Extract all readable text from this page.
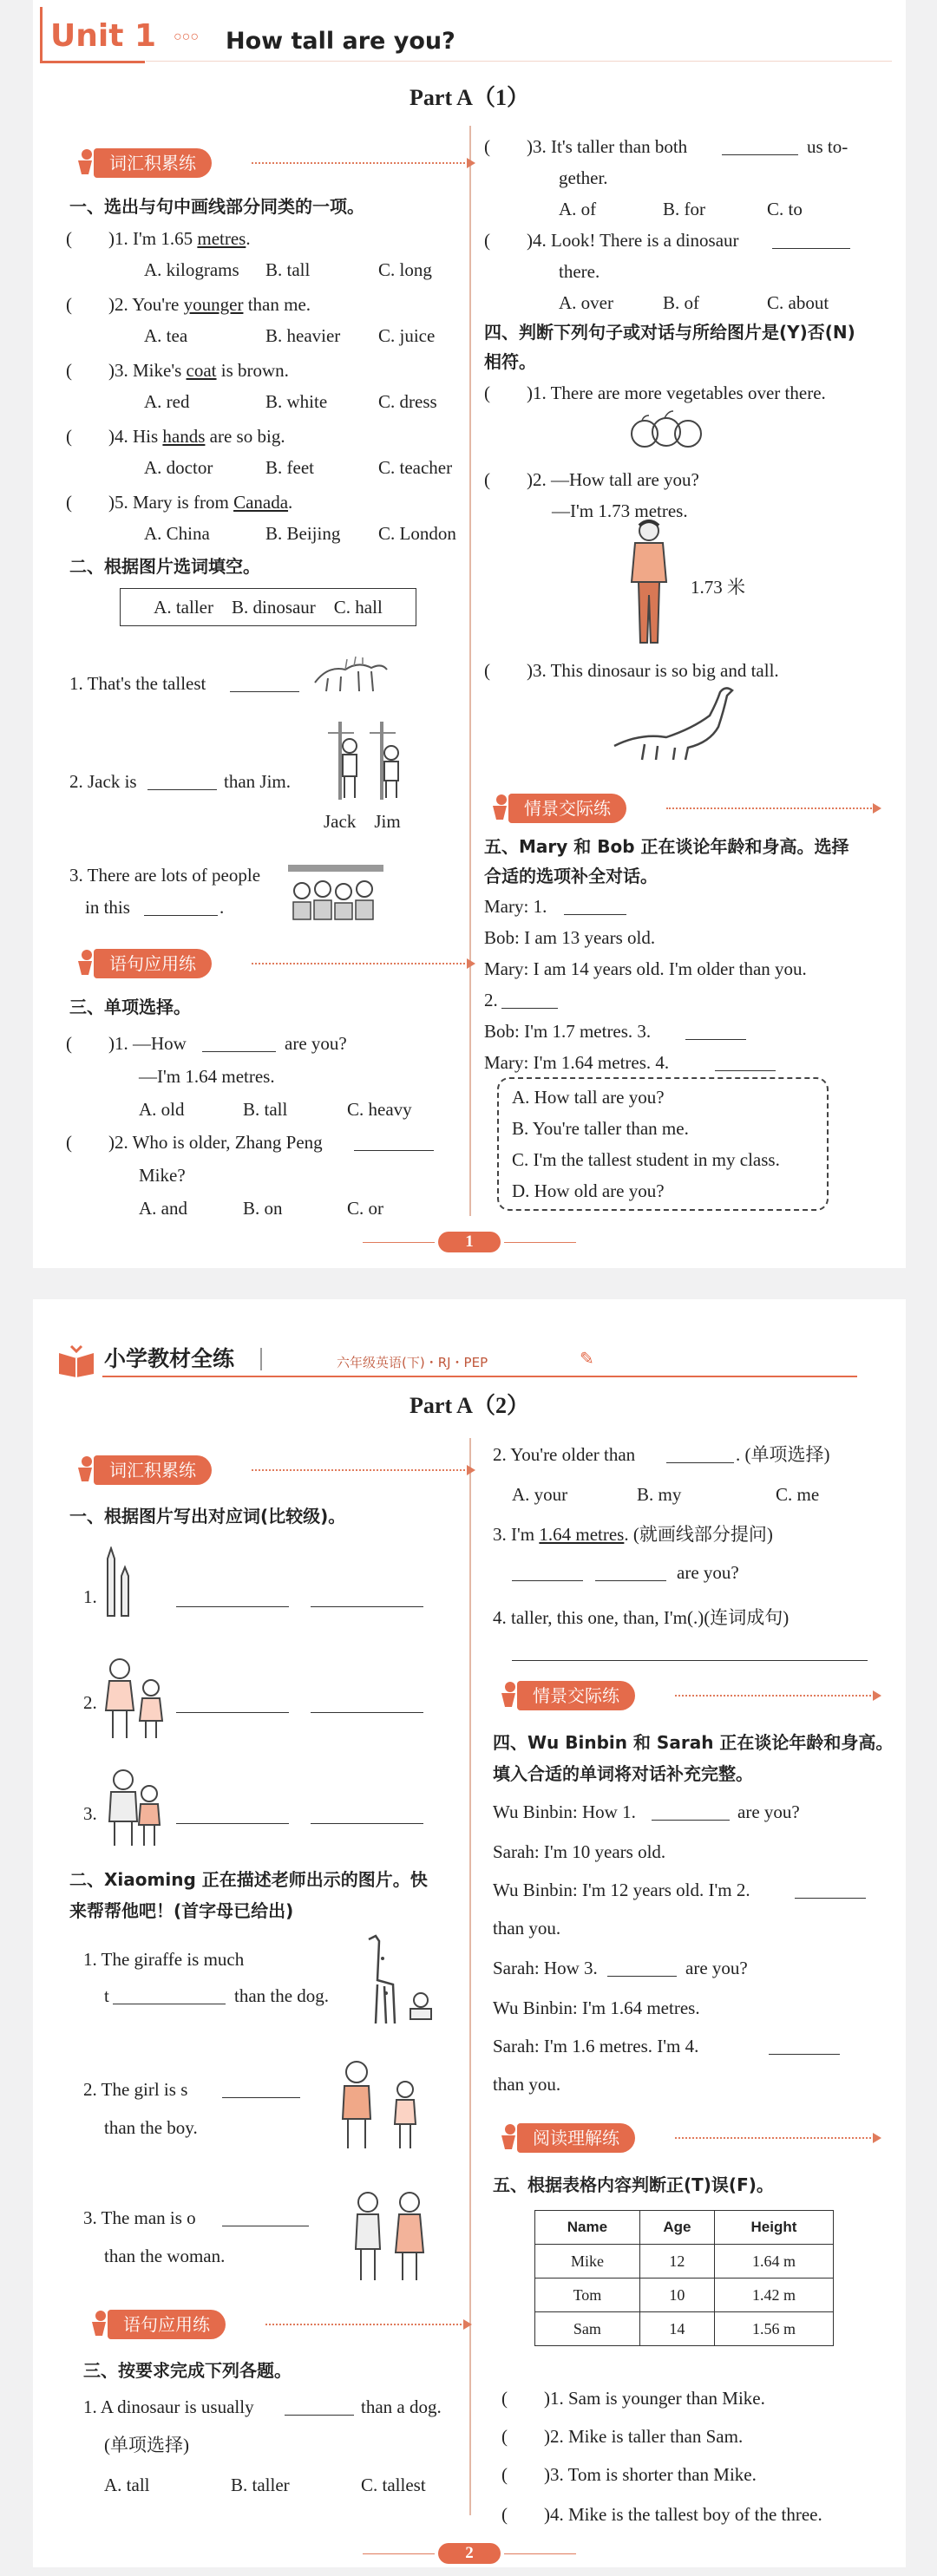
Unit 1 ○○○ How tall are you?
Part A（1）
词汇积累练
一、选出与句中画线部分同类的一项。
二、根据图片选词填空。
A. taller　B. dinosaur　C. hall
1. That's the tallest
2. Jack is	than Jim.
Jack　Jim
3. There are lots of people
in this	.
语句应用练
三、单项选择。
(　　)1. —How	are you?
—I'm 1.64 metres.
A. old	B. tall	C. heavy
(　　)2. Who is older, Zhang Peng
Mike?
A. and	B. on	C. or
(　　)3. It's taller than both	us to-
gether.
A. of	B. for	C. to
(　　)4. Look! There is a dinosaur
there.
A. over	B. of	C. about
四、判断下列句子或对话与所给图片是(Y)否(N)
相符。
(　　)1. There are more vegetables over there.
(　　)2. —How tall are you?
—I'm 1.73 metres.
1.73 米
(　　)3. This dinosaur is so big and tall.
情景交际练
五、Mary 和 Bob 正在谈论年龄和身高。选择
合适的选项补全对话。
Mary: 1.
Bob: I am 13 years old.
Mary: I am 14 years old. I'm older than you.
2.
Bob: I'm 1.7 metres. 3.
Mary: I'm 1.64 metres. 4.
A. How tall are you?
B. You're taller than me.
C. I'm the tallest student in my class.
D. How old are you?
1
(　　)1. I'm 1.65 metres.
A. kilograms B. tall	C. long
(　　)2. You're younger than me.
A. tea	B. heavier C. juice
(　　)3. Mike's coat is brown.
A. red	B. white	C. dress
(　　)4. His hands are so big.
A. doctor	B. feet	C. teacher
(　　)5. Mary is from Canada.
A. China	B. Beijing C. London
小学教材全练	六年级英语(下)・RJ・PEP	✎
Part A（2）
词汇积累练
一、根据图片写出对应词(比较级)。
1.
2.
3.
二、Xiaoming 正在描述老师出示的图片。快
来帮帮他吧！(首字母已给出)
1. The giraffe is much
t	than the dog.
2. The girl is s
than the boy.
3. The man is o
than the woman.
语句应用练
三、按要求完成下列各题。
1. A dinosaur is usually	than a dog.
(单项选择)
A. tall	B. taller	C. tallest
2. You're older than	. (单项选择)
A. your	B. my	C. me
3. I'm 1.64 metres. (就画线部分提问)
are you?
4. taller, this one, than, I'm(.)(连词成句)
情景交际练
四、Wu Binbin 和 Sarah 正在谈论年龄和身高。
填入合适的单词将对话补充完整。
Wu Binbin: How 1.	are you?
Sarah: I'm 10 years old.
Wu Binbin: I'm 12 years old. I'm 2.
than you.
Sarah: How 3.	are you?
Wu Binbin: I'm 1.64 metres.
Sarah: I'm 1.6 metres. I'm 4.
than you.
阅读理解练
五、根据表格内容判断正(T)误(F)。
Name	Age	Height
Mike	12	1.64 m
Tom	10	1.42 m
Sam	14	1.56 m
(　　)1. Sam is younger than Mike.
(　　)2. Mike is taller than Sam.
(　　)3. Tom is shorter than Mike.
(　　)4. Mike is the tallest boy of the three.
2
